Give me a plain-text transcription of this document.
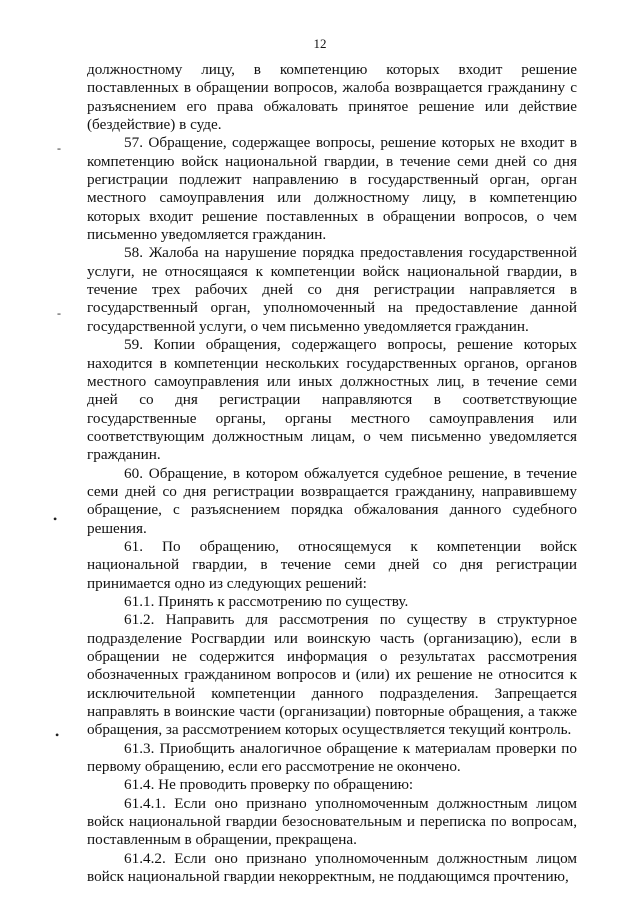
12

должностному лицу, в компетенцию которых входит решение поставленных в обращении вопросов, жалоба возвращается гражданину с разъяснением его права обжаловать принятое решение или действие (бездействие) в суде.

57. Обращение, содержащее вопросы, решение которых не входит в компетенцию войск национальной гвардии, в течение семи дней со дня регистрации подлежит направлению в государственный орган, орган местного самоуправления или должностному лицу, в компетенцию которых входит решение поставленных в обращении вопросов, о чем письменно уведомляется гражданин.

58. Жалоба на нарушение порядка предоставления государственной услуги, не относящаяся к компетенции войск национальной гвардии, в течение трех рабочих дней со дня регистрации направляется в государственный орган, уполномоченный на предоставление данной государственной услуги, о чем письменно уведомляется гражданин.

59. Копии обращения, содержащего вопросы, решение которых находится в компетенции нескольких государственных органов, органов местного самоуправления или иных должностных лиц, в течение семи дней со дня регистрации направляются в соответствующие государственные органы, органы местного самоуправления или соответствующим должностным лицам, о чем письменно уведомляется гражданин.

60. Обращение, в котором обжалуется судебное решение, в течение семи дней со дня регистрации возвращается гражданину, направившему обращение, с разъяснением порядка обжалования данного судебного решения.

61. По обращению, относящемуся к компетенции войск национальной гвардии, в течение семи дней со дня регистрации принимается одно из следующих решений:

61.1. Принять к рассмотрению по существу.

61.2. Направить для рассмотрения по существу в структурное подразделение Росгвардии или воинскую часть (организацию), если в обращении не содержится информация о результатах рассмотрения обозначенных гражданином вопросов и (или) их решение не относится к исключительной компетенции данного подразделения. Запрещается направлять в воинские части (организации) повторные обращения, а также обращения, за рассмотрением которых осуществляется текущий контроль.

61.3. Приобщить аналогичное обращение к материалам проверки по первому обращению, если его рассмотрение не окончено.

61.4. Не проводить проверку по обращению:

61.4.1. Если оно признано уполномоченным должностным лицом войск национальной гвардии безосновательным и переписка по вопросам, поставленным в обращении, прекращена.

61.4.2. Если оно признано уполномоченным должностным лицом войск национальной гвардии некорректным, не поддающимся прочтению,

-
-
•
•
